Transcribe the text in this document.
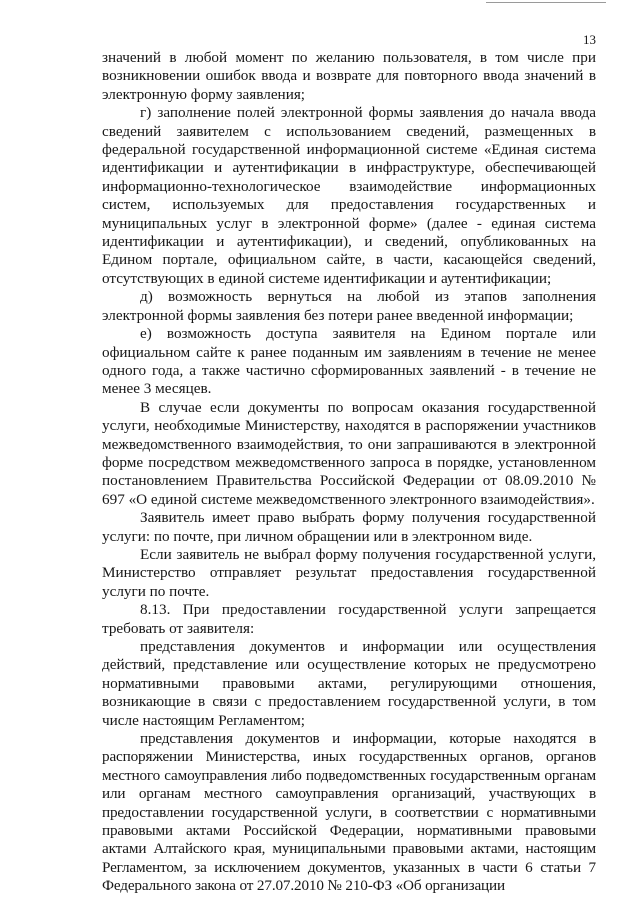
13

значений в любой момент по желанию пользователя, в том числе при возникновении ошибок ввода и возврате для повторного ввода значений в электронную форму заявления;

г) заполнение полей электронной формы заявления до начала ввода сведений заявителем с использованием сведений, размещенных в федеральной государственной информационной системе «Единая система идентификации и аутентификации в инфраструктуре, обеспечивающей информационно-технологическое взаимодействие информационных систем, используемых для предоставления государственных и муниципальных услуг в электронной форме» (далее - единая система идентификации и аутентификации), и сведений, опубликованных на Едином портале, официальном сайте, в части, касающейся сведений, отсутствующих в единой системе идентификации и аутентификации;

д) возможность вернуться на любой из этапов заполнения электронной формы заявления без потери ранее введенной информации;

е) возможность доступа заявителя на Едином портале или официальном сайте к ранее поданным им заявлениям в течение не менее одного года, а также частично сформированных заявлений - в течение не менее 3 месяцев.

В случае если документы по вопросам оказания государственной услуги, необходимые Министерству, находятся в распоряжении участников межведомственного взаимодействия, то они запрашиваются в электронной форме посредством межведомственного запроса в порядке, установленном постановлением Правительства Российской Федерации от 08.09.2010 № 697 «О единой системе межведомственного электронного взаимодействия».

Заявитель имеет право выбрать форму получения государственной услуги: по почте, при личном обращении или в электронном виде.

Если заявитель не выбрал форму получения государственной услуги, Министерство отправляет результат предоставления государственной услуги по почте.

8.13. При предоставлении государственной услуги запрещается требовать от заявителя:

представления документов и информации или осуществления действий, представление или осуществление которых не предусмотрено нормативными правовыми актами, регулирующими отношения, возникающие в связи с предоставлением государственной услуги, в том числе настоящим Регламентом;

представления документов и информации, которые находятся в распоряжении Министерства, иных государственных органов, органов местного самоуправления либо подведомственных государственным органам или органам местного самоуправления организаций, участвующих в предоставлении государственной услуги, в соответствии с нормативными правовыми актами Российской Федерации, нормативными правовыми актами Алтайского края, муниципальными правовыми актами, настоящим Регламентом, за исключением документов, указанных в части 6 статьи 7 Федерального закона от 27.07.2010 № 210-ФЗ «Об организации
